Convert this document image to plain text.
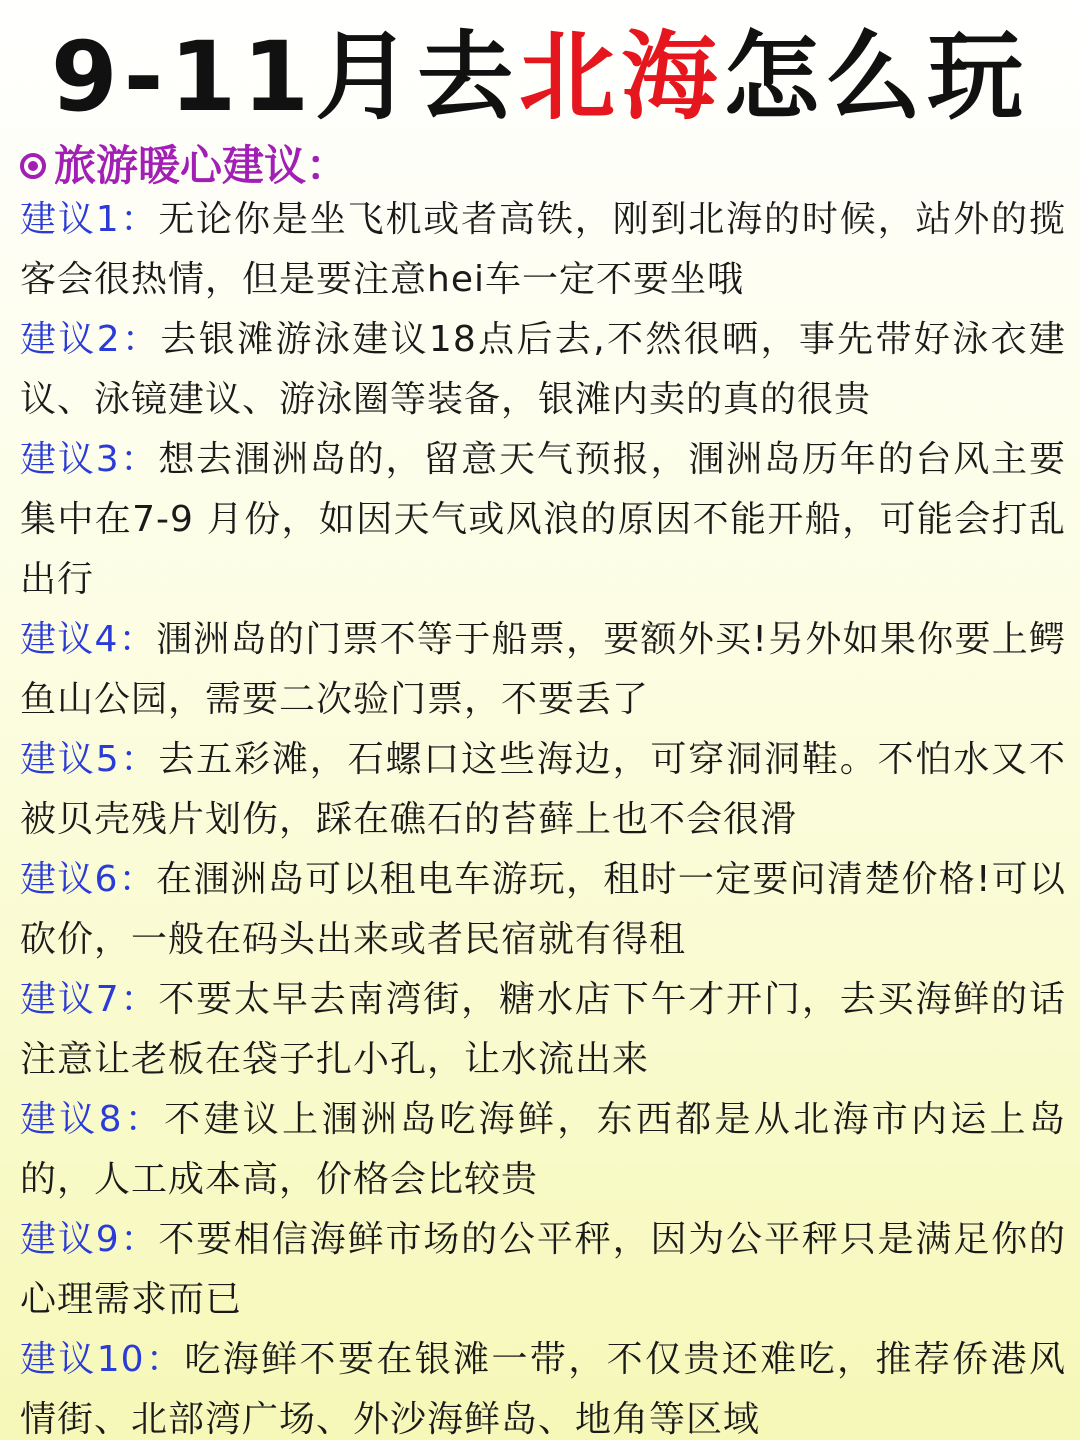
9-11月去北海怎么玩
旅游暖心建议：
建议1：无论你是坐飞机或者高铁，刚到北海的时候，站外的揽客会很热情，但是要注意hei车一定不要坐哦
建议2：去银滩游泳建议18点后去,不然很晒，事先带好泳衣建议、泳镜建议、游泳圈等装备，银滩内卖的真的很贵
建议3：想去涠洲岛的，留意天气预报，涠洲岛历年的台风主要集中在7-9 月份，如因天气或风浪的原因不能开船，可能会打乱出行
建议4：涠洲岛的门票不等于船票，要额外买!另外如果你要上鳄鱼山公园，需要二次验门票，不要丢了
建议5：去五彩滩，石螺口这些海边，可穿洞洞鞋。不怕水又不被贝壳残片划伤，踩在礁石的苔藓上也不会很滑
建议6：在涠洲岛可以租电车游玩，租时一定要问清楚价格!可以砍价，一般在码头出来或者民宿就有得租
建议7：不要太早去南湾街，糖水店下午才开门，去买海鲜的话注意让老板在袋子扎小孔，让水流出来
建议8：不建议上涠洲岛吃海鲜，东西都是从北海市内运上岛的，人工成本高，价格会比较贵
建议9：不要相信海鲜市场的公平秤，因为公平秤只是满足你的心理需求而已
建议10：吃海鲜不要在银滩一带，不仅贵还难吃，推荐侨港风情街、北部湾广场、外沙海鲜岛、地角等区域
